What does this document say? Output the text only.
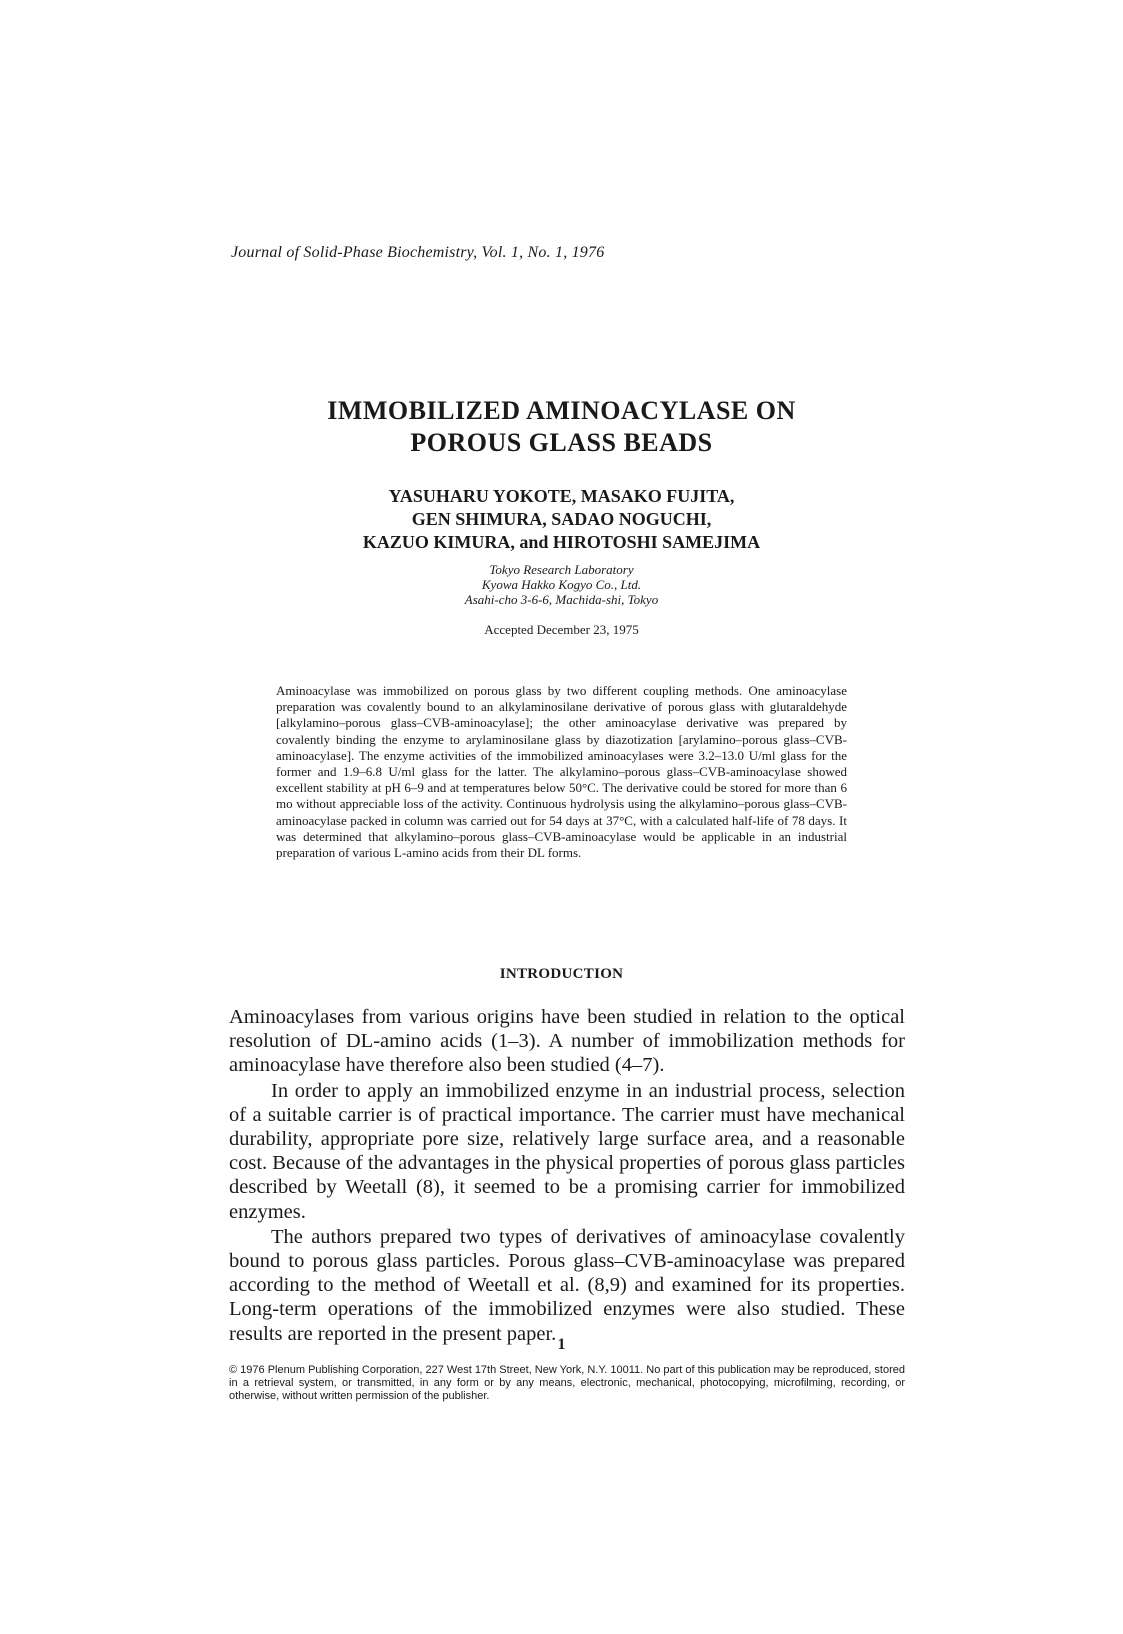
Journal of Solid-Phase Biochemistry, Vol. 1, No. 1, 1976
IMMOBILIZED AMINOACYLASE ON
POROUS GLASS BEADS
YASUHARU YOKOTE, MASAKO FUJITA,
GEN SHIMURA, SADAO NOGUCHI,
KAZUO KIMURA, and HIROTOSHI SAMEJIMA
Tokyo Research Laboratory
Kyowa Hakko Kogyo Co., Ltd.
Asahi-cho 3-6-6, Machida-shi, Tokyo
Accepted December 23, 1975
Aminoacylase was immobilized on porous glass by two different coupling methods. One aminoacylase preparation was covalently bound to an alkylaminosilane derivative of porous glass with glutaraldehyde [alkylamino–porous glass–CVB-aminoacylase]; the other aminoacylase derivative was prepared by covalently binding the enzyme to arylaminosilane glass by diazotization [arylamino–porous glass–CVB-aminoacylase]. The enzyme activities of the immobilized aminoacylases were 3.2–13.0 U/ml glass for the former and 1.9–6.8 U/ml glass for the latter. The alkylamino–porous glass–CVB-aminoacylase showed excellent stability at pH 6–9 and at temperatures below 50°C. The derivative could be stored for more than 6 mo without appreciable loss of the activity. Continuous hydrolysis using the alkylamino–porous glass–CVB-aminoacylase packed in column was carried out for 54 days at 37°C, with a calculated half-life of 78 days. It was determined that alkylamino–porous glass–CVB-aminoacylase would be applicable in an industrial preparation of various L-amino acids from their DL forms.
INTRODUCTION

Aminoacylases from various origins have been studied in relation to the optical resolution of DL-amino acids (1–3). A number of immobilization methods for aminoacylase have therefore also been studied (4–7).

In order to apply an immobilized enzyme in an industrial process, selection of a suitable carrier is of practical importance. The carrier must have mechanical durability, appropriate pore size, relatively large surface area, and a reasonable cost. Because of the advantages in the physical properties of porous glass particles described by Weetall (8), it seemed to be a promising carrier for immobilized enzymes.

The authors prepared two types of derivatives of aminoacylase covalently bound to porous glass particles. Porous glass–CVB-aminoacylase was prepared according to the method of Weetall et al. (8,9) and examined for its properties. Long-term operations of the immobilized enzymes were also studied. These results are reported in the present paper. 1
© 1976 Plenum Publishing Corporation, 227 West 17th Street, New York, N.Y. 10011. No part of this publication may be reproduced, stored in a retrieval system, or transmitted, in any form or by any means, electronic, mechanical, photocopying, microfilming, recording, or otherwise, without written permission of the publisher.
